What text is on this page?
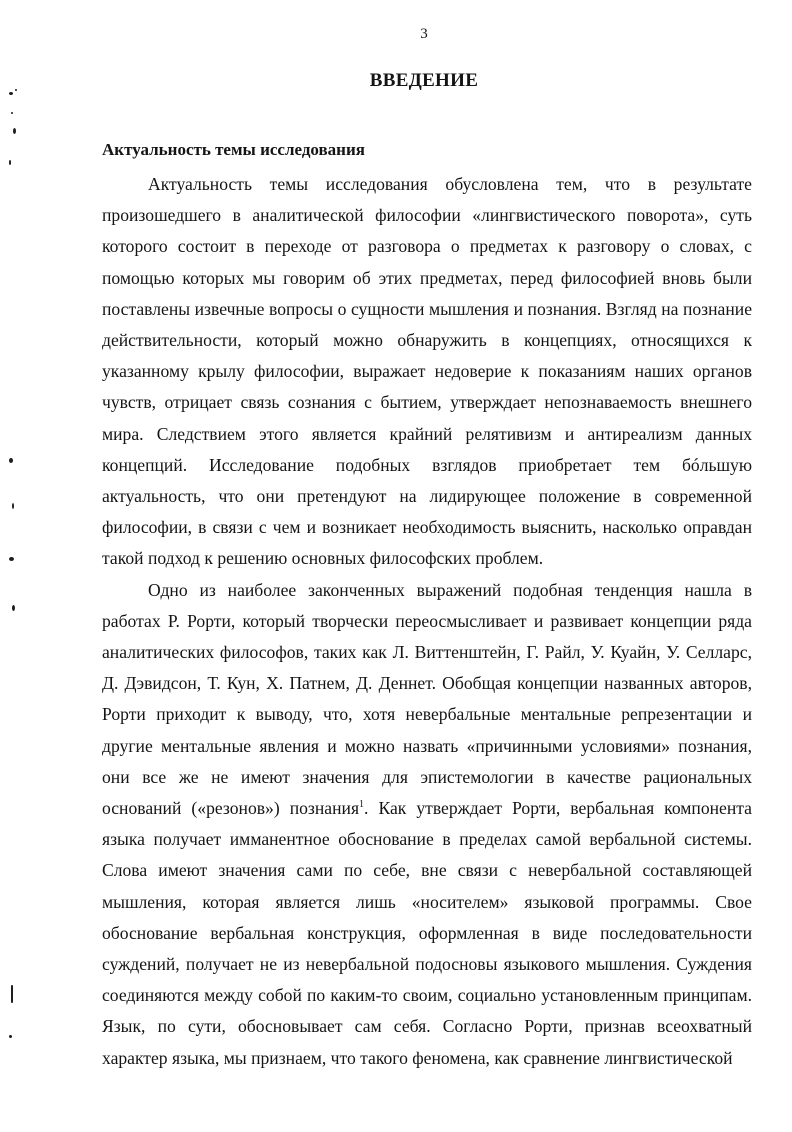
3
ВВЕДЕНИЕ
Актуальность темы исследования

Актуальность темы исследования обусловлена тем, что в результате произошедшего в аналитической философии «лингвистического поворота», суть которого состоит в переходе от разговора о предметах к разговору о словах, с помощью которых мы говорим об этих предметах, перед философией вновь были поставлены извечные вопросы о сущности мышления и познания. Взгляд на познание действительности, который можно обнаружить в концепциях, относящихся к указанному крылу философии, выражает недоверие к показаниям наших органов чувств, отрицает связь сознания с бытием, утверждает непознаваемость внешнего мира. Следствием этого является крайний релятивизм и антиреализм данных концепций. Исследование подобных взглядов приобретает тем бóльшую актуальность, что они претендуют на лидирующее положение в современной философии, в связи с чем и возникает необходимость выяснить, насколько оправдан такой подход к решению основных философских проблем.

Одно из наиболее законченных выражений подобная тенденция нашла в работах Р. Рорти, который творчески переосмысливает и развивает концепции ряда аналитических философов, таких как Л. Виттенштейн, Г. Райл, У. Куайн, У. Селларс, Д. Дэвидсон, Т. Кун, Х. Патнем, Д. Деннет. Обобщая концепции названных авторов, Рорти приходит к выводу, что, хотя невербальные ментальные репрезентации и другие ментальные явления и можно назвать «причинными условиями» познания, они все же не имеют значения для эпистемологии в качестве рациональных оснований («резонов») познания$^1$. Как утверждает Рорти, вербальная компонента языка получает имманентное обоснование в пределах самой вербальной системы. Слова имеют значения сами по себе, вне связи с невербальной составляющей мышления, которая является лишь «носителем» языковой программы. Свое обоснование вербальная конструкция, оформленная в виде последовательности суждений, получает не из невербальной подосновы языкового мышления. Суждения соединяются между собой по каким-то своим, социально установленным принципам. Язык, по сути, обосновывает сам себя. Согласно Рорти, признав всеохватный характер языка, мы признаем, что такого феномена, как сравнение лингвистической
